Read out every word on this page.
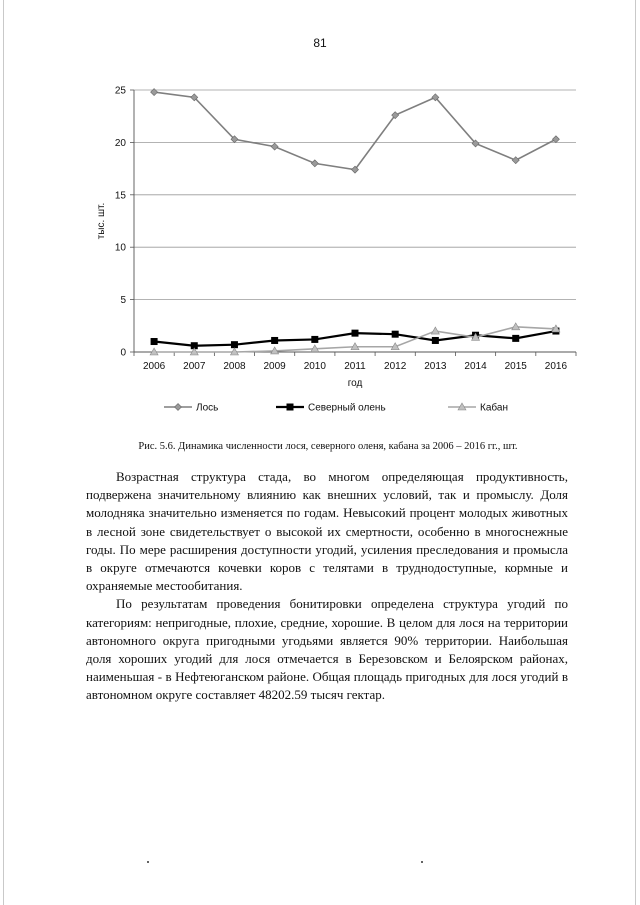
81
0
5
10
15
20
25
2006 2007 2008 2009 2010 2011 2012 2013 2014 2015 2016
год
тыс. шт.
Лось	Северный олень	Кабан
Рис. 5.6. Динамика численности лося, северного оленя, кабана за 2006 – 2016 гг., шт.

Возрастная структура стада, во многом определяющая продуктивность, подвержена значительному влиянию как внешних условий, так и промыслу. Доля молодняка значительно изменяется по годам. Невысокий процент молодых животных в лесной зоне свидетельствует о высокой их смертности, особенно в многоснежные годы. По мере расширения доступности угодий, усиления преследования и промысла в округе отмечаются кочевки коров с телятами в труднодоступные, кормные и охраняемые местообитания.

По результатам проведения бонитировки определена структура угодий по категориям: непригодные, плохие, средние, хорошие. В целом для лося на территории автономного округа пригодными угодьями является 90% территории. Наибольшая доля хороших угодий для лося отмечается в Березовском и Белоярском районах, наименьшая - в Нефтеюганском районе. Общая площадь пригодных для лося угодий в автономном округе составляет 48202.59 тысяч гектар.
